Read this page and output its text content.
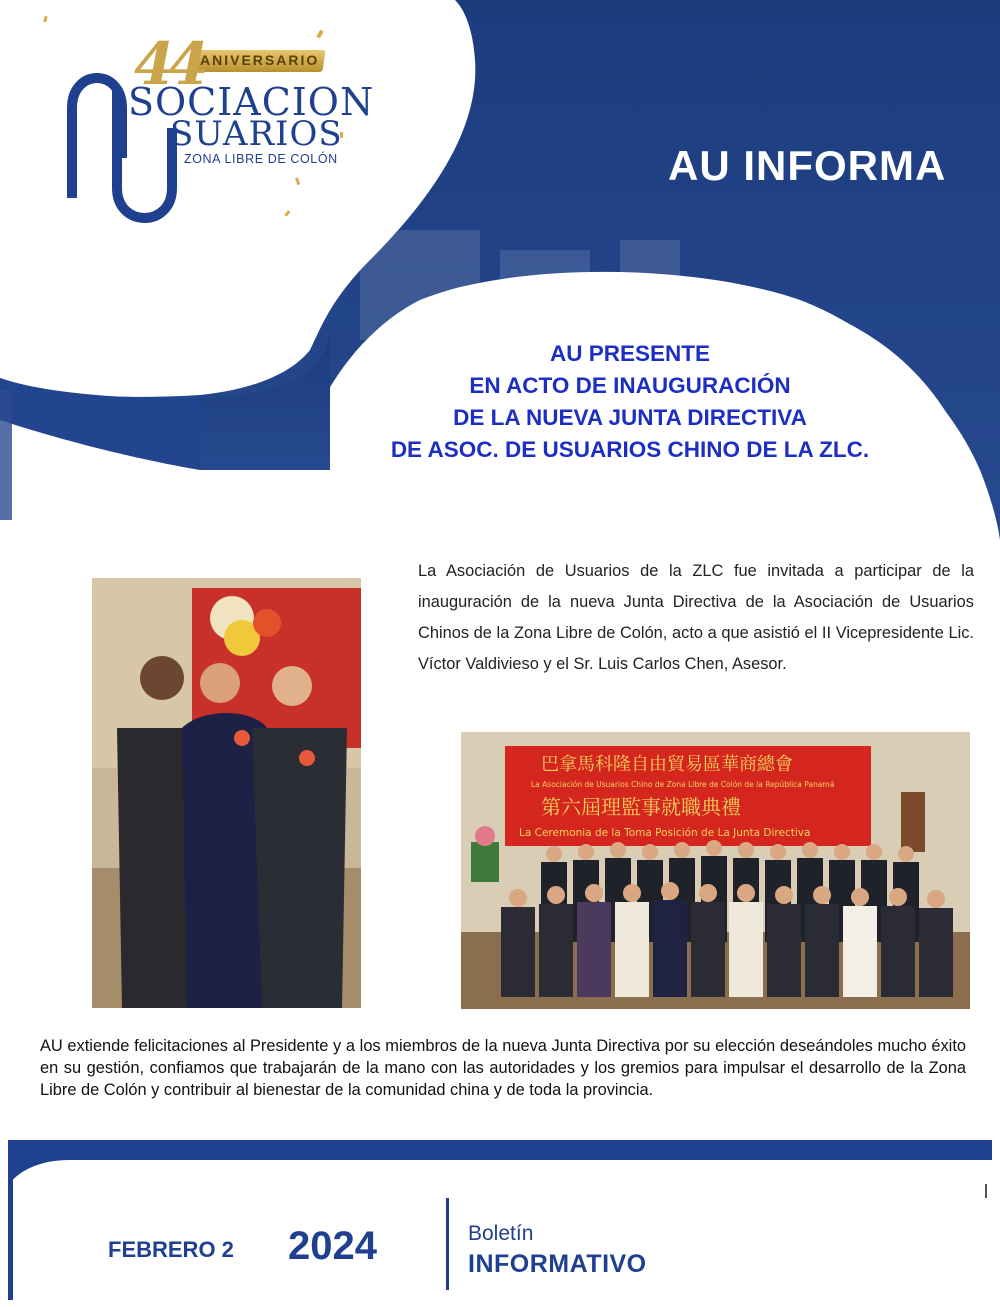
44
ANIVERSARIO
SOCIACION
SUARIOS
ZONA LIBRE DE COLÓN	AU INFORMA
AU PRESENTE
EN ACTO DE INAUGURACIÓN
DE LA NUEVA JUNTA DIRECTIVA
DE ASOC. DE USUARIOS CHINO DE LA ZLC.
La Asociación de Usuarios de la ZLC fue invitada a participar de la inauguración de la nueva Junta Directiva de la Asociación de Usuarios Chinos de la Zona Libre de Colón, acto a que asistió el II Vicepresidente Lic. Víctor Valdivieso y el Sr. Luis Carlos Chen, Asesor.
巴拿馬科隆自由貿易區華商總會
La Asociación de Usuarios Chino de Zona Libre de Colón de la República Panamá
第六屆理監事就職典禮
La Ceremonia de la Toma Posición de La Junta Directiva
AU extiende felicitaciones al Presidente y a los miembros de la nueva Junta Directiva por su elección deseándoles mucho éxito en su gestión, confiamos que trabajarán de la mano con las autoridades y los gremios para impulsar el desarrollo de la Zona Libre de Colón y contribuir al bienestar de la comunidad china y de toda la provincia.
FEBRERO 2 2024	Boletín
INFORMATIVO
